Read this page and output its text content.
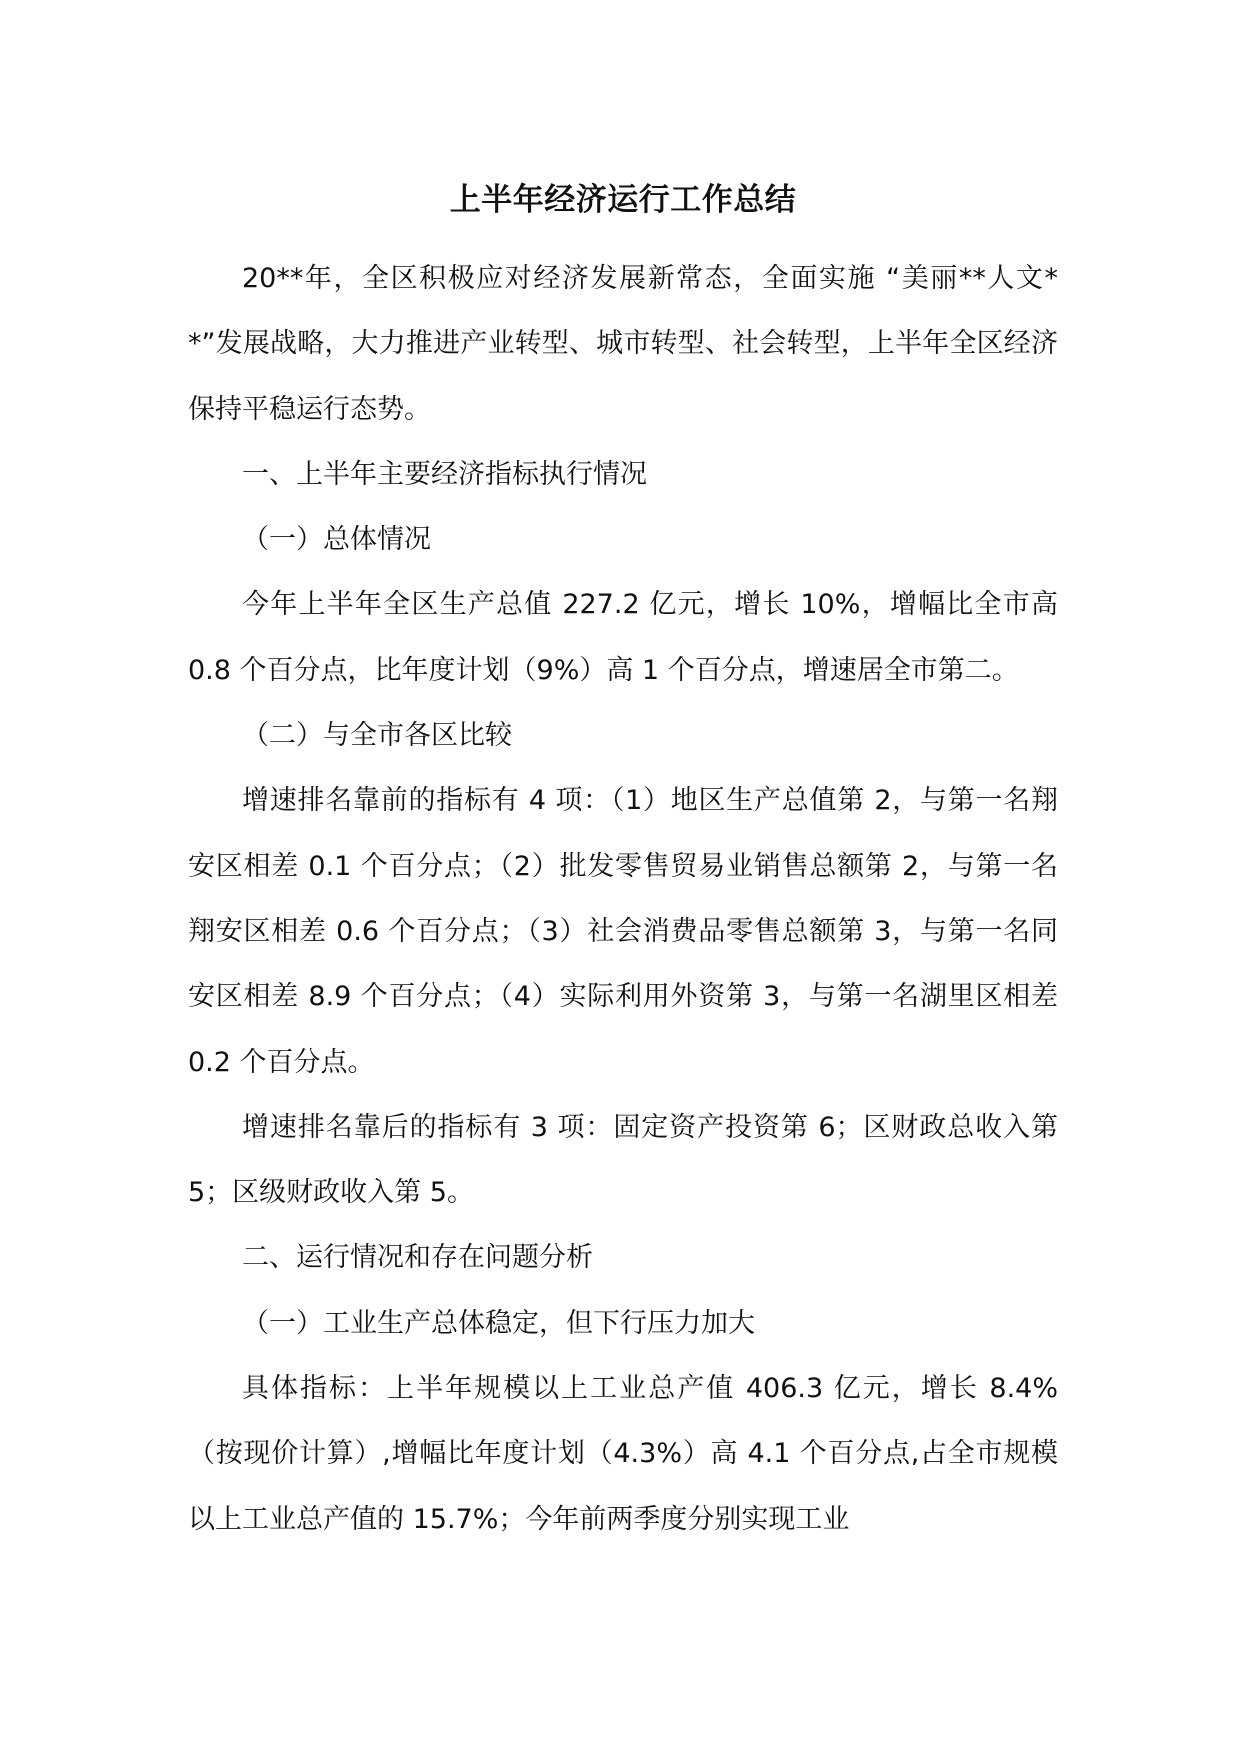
上半年经济运行工作总结

20**年，全区积极应对经济发展新常态，全面实施 “美丽**人文**”发展战略，大力推进产业转型、城市转型、社会转型，上半年全区经济保持平稳运行态势。

一、上半年主要经济指标执行情况

（一）总体情况

今年上半年全区生产总值 227.2 亿元，增长 10%，增幅比全市高 0.8 个百分点，比年度计划（9%）高 1 个百分点，增速居全市第二。

（二）与全市各区比较

增速排名靠前的指标有 4 项：（1）地区生产总值第 2，与第一名翔安区相差 0.1 个百分点；（2）批发零售贸易业销售总额第 2，与第一名翔安区相差 0.6 个百分点；（3）社会消费品零售总额第 3，与第一名同安区相差 8.9 个百分点；（4）实际利用外资第 3，与第一名湖里区相差 0.2 个百分点。

增速排名靠后的指标有 3 项：固定资产投资第 6；区财政总收入第 5；区级财政收入第 5。

二、运行情况和存在问题分析

（一）工业生产总体稳定，但下行压力加大

具体指标：上半年规模以上工业总产值 406.3 亿元，增长 8.4%（按现价计算）,增幅比年度计划（4.3%）高 4.1 个百分点,占全市规模以上工业总产值的 15.7%；今年前两季度分别实现工业
